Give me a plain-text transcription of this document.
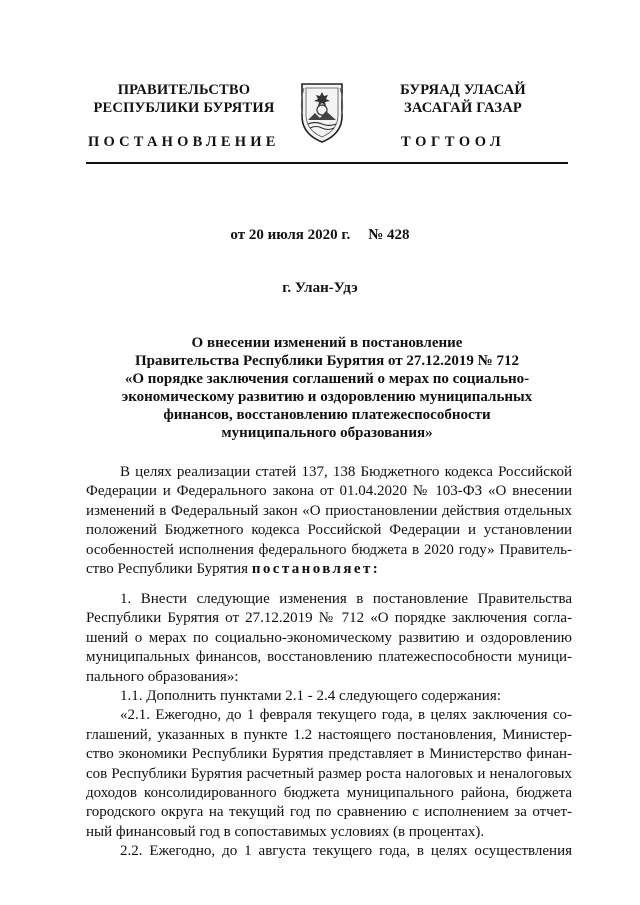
ПРАВИТЕЛЬСТВО
РЕСПУБЛИКИ БУРЯТИЯ
БУРЯАД УЛАСАЙ
ЗАСАГАЙ ГАЗАР
ПОСТАНОВЛЕНИЕ	ТОГТООЛ
от 20 июля 2020 г. № 428
г. Улан-Удэ
О внесении изменений в постановление
Правительства Республики Бурятия от 27.12.2019 № 712
«О порядке заключения соглашений о мерах по социально-
экономическому развитию и оздоровлению муниципальных
финансов, восстановлению платежеспособности
муниципального образования»
В целях реализации статей 137, 138 Бюджетного кодекса Российской
Федерации и Федерального закона от 01.04.2020 № 103-ФЗ «О внесении
изменений в Федеральный закон «О приостановлении действия отдельных
положений Бюджетного кодекса Российской Федерации и установлении
особенностей исполнения федерального бюджета в 2020 году» Правитель-
ство Республики Бурятия постановляет:
1. Внести следующие изменения в постановление Правительства
Республики Бурятия от 27.12.2019 № 712 «О порядке заключения согла-
шений о мерах по социально-экономическому развитию и оздоровлению
муниципальных финансов, восстановлению платежеспособности муници-
пального образования»:
1.1. Дополнить пунктами 2.1 - 2.4 следующего содержания:
«2.1. Ежегодно, до 1 февраля текущего года, в целях заключения со-
глашений, указанных в пункте 1.2 настоящего постановления, Министер-
ство экономики Республики Бурятия представляет в Министерство финан-
сов Республики Бурятия расчетный размер роста налоговых и неналоговых
доходов консолидированного бюджета муниципального района, бюджета
городского округа на текущий год по сравнению с исполнением за отчет-
ный финансовый год в сопоставимых условиях (в процентах).
2.2. Ежегодно, до 1 августа текущего года, в целях осуществления
